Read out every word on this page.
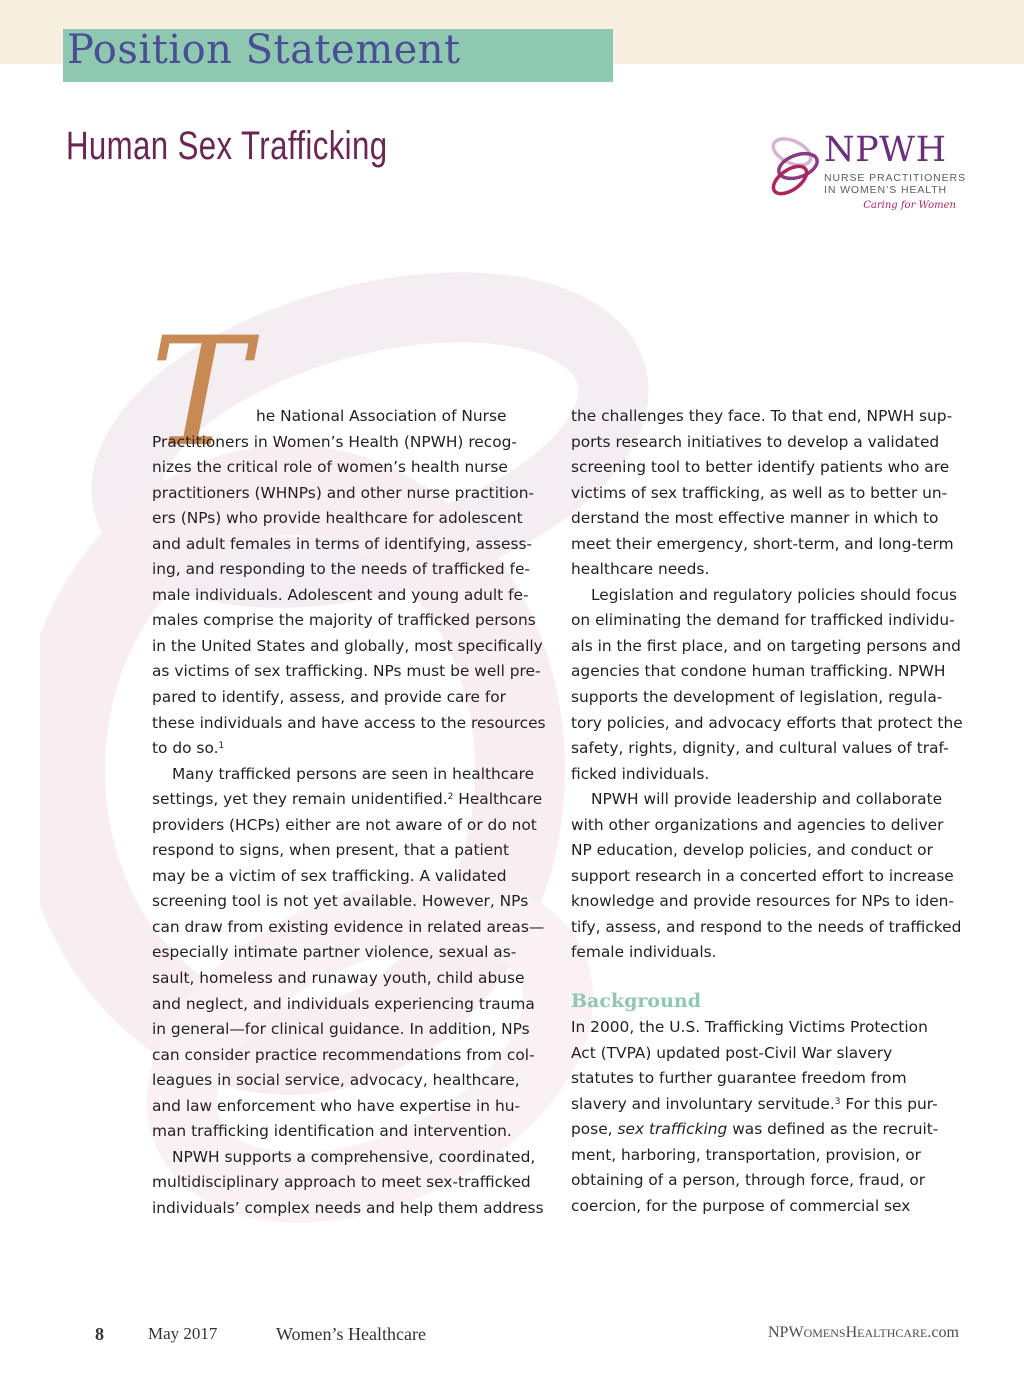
Position Statement
Human Sex Trafficking	NPWH
NURSE PRACTITIONERS
IN WOMEN’S HEALTH
Caring for Women
T he National Association of Nurse
Practitioners in Women’s Health (NPWH) recog-
nizes the critical role of women’s health nurse
practitioners (WHNPs) and other nurse practition-
ers (NPs) who provide healthcare for adolescent
and adult females in terms of identifying, assess-
ing, and responding to the needs of trafficked fe-
male individuals. Adolescent and young adult fe-
males comprise the majority of trafficked persons
in the United States and globally, most specifically
as victims of sex trafficking. NPs must be well pre-
pared to identify, assess, and provide care for
these individuals and have access to the resources
to do so.$^1$
Many trafficked persons are seen in healthcare
settings, yet they remain unidentified.$^2$ Healthcare
providers (HCPs) either are not aware of or do not
respond to signs, when present, that a patient
may be a victim of sex trafficking. A validated
screening tool is not yet available. However, NPs
can draw from existing evidence in related areas—
especially intimate partner violence, sexual as-
sault, homeless and runaway youth, child abuse
and neglect, and individuals experiencing trauma
in general—for clinical guidance. In addition, NPs
can consider practice recommendations from col-
leagues in social service, advocacy, healthcare,
and law enforcement who have expertise in hu-
man trafficking identification and intervention.
NPWH supports a comprehensive, coordinated,
multidisciplinary approach to meet sex-trafficked
individuals’ complex needs and help them address
the challenges they face. To that end, NPWH sup-
ports research initiatives to develop a validated
screening tool to better identify patients who are
victims of sex trafficking, as well as to better un-
derstand the most effective manner in which to
meet their emergency, short-term, and long-term
healthcare needs.
Legislation and regulatory policies should focus
on eliminating the demand for trafficked individu-
als in the first place, and on targeting persons and
agencies that condone human trafficking. NPWH
supports the development of legislation, regula-
tory policies, and advocacy efforts that protect the
safety, rights, dignity, and cultural values of traf-
ficked individuals.
NPWH will provide leadership and collaborate
with other organizations and agencies to deliver
NP education, develop policies, and conduct or
support research in a concerted effort to increase
knowledge and provide resources for NPs to iden-
tify, assess, and respond to the needs of trafficked
female individuals.
Background
In 2000, the U.S. Trafficking Victims Protection
Act (TVPA) updated post-Civil War slavery
statutes to further guarantee freedom from
slavery and involuntary servitude.$^3$ For this pur-
pose, sex trafficking was defined as the recruit-
ment, harboring, transportation, provision, or
obtaining of a person, through force, fraud, or
coercion, for the purpose of commercial sex
8	May 2017	Women’s Healthcare	NPWOMENSHEALTHCARE.com
